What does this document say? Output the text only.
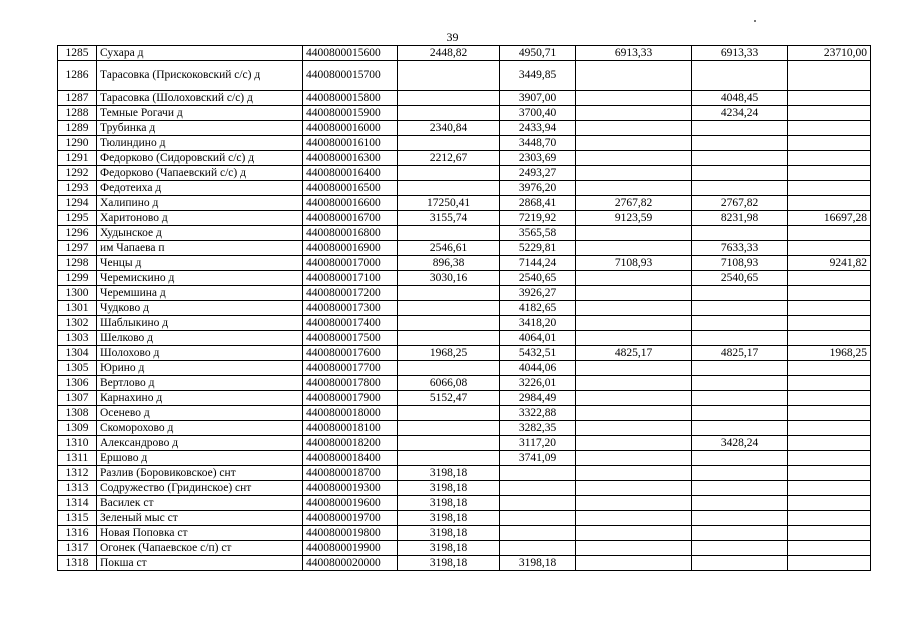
39
1285	Сухара д	4400800015600	2448,82	4950,71	6913,33	6913,33	23710,00
1286	Тарасовка (Прискоковский с/с) д	4400800015700		3449,85			
1287	Тарасовка (Шолоховский с/с) д	4400800015800		3907,00		4048,45	
1288	Темные Рогачи д	4400800015900		3700,40		4234,24	
1289	Трубинка д	4400800016000	2340,84	2433,94			
1290	Тюлиндино д	4400800016100		3448,70			
1291	Федорково (Сидоровский с/с) д	4400800016300	2212,67	2303,69			
1292	Федорково (Чапаевский с/с) д	4400800016400		2493,27			
1293	Федотеиха д	4400800016500		3976,20			
1294	Халипино д	4400800016600	17250,41	2868,41	2767,82	2767,82	
1295	Харитоново д	4400800016700	3155,74	7219,92	9123,59	8231,98	16697,28
1296	Худынское д	4400800016800		3565,58			
1297	им Чапаева п	4400800016900	2546,61	5229,81		7633,33	
1298	Ченцы д	4400800017000	896,38	7144,24	7108,93	7108,93	9241,82
1299	Черемискино д	4400800017100	3030,16	2540,65		2540,65	
1300	Черемшина д	4400800017200		3926,27			
1301	Чудково д	4400800017300		4182,65			
1302	Шаблыкино д	4400800017400		3418,20			
1303	Шелково д	4400800017500		4064,01			
1304	Шолохово д	4400800017600	1968,25	5432,51	4825,17	4825,17	1968,25
1305	Юрино д	4400800017700		4044,06			
1306	Вертлово д	4400800017800	6066,08	3226,01			
1307	Карнахино д	4400800017900	5152,47	2984,49			
1308	Осенево д	4400800018000		3322,88			
1309	Скоморохово д	4400800018100		3282,35			
1310	Александрово д	4400800018200		3117,20		3428,24	
1311	Ершово д	4400800018400		3741,09			
1312	Разлив (Боровиковское) снт	4400800018700	3198,18				
1313	Содружество (Гридинское) снт	4400800019300	3198,18				
1314	Василек ст	4400800019600	3198,18				
1315	Зеленый мыс ст	4400800019700	3198,18				
1316	Новая Поповка ст	4400800019800	3198,18				
1317	Огонек (Чапаевское с/п) ст	4400800019900	3198,18				
1318	Покша ст	4400800020000	3198,18	3198,18			
